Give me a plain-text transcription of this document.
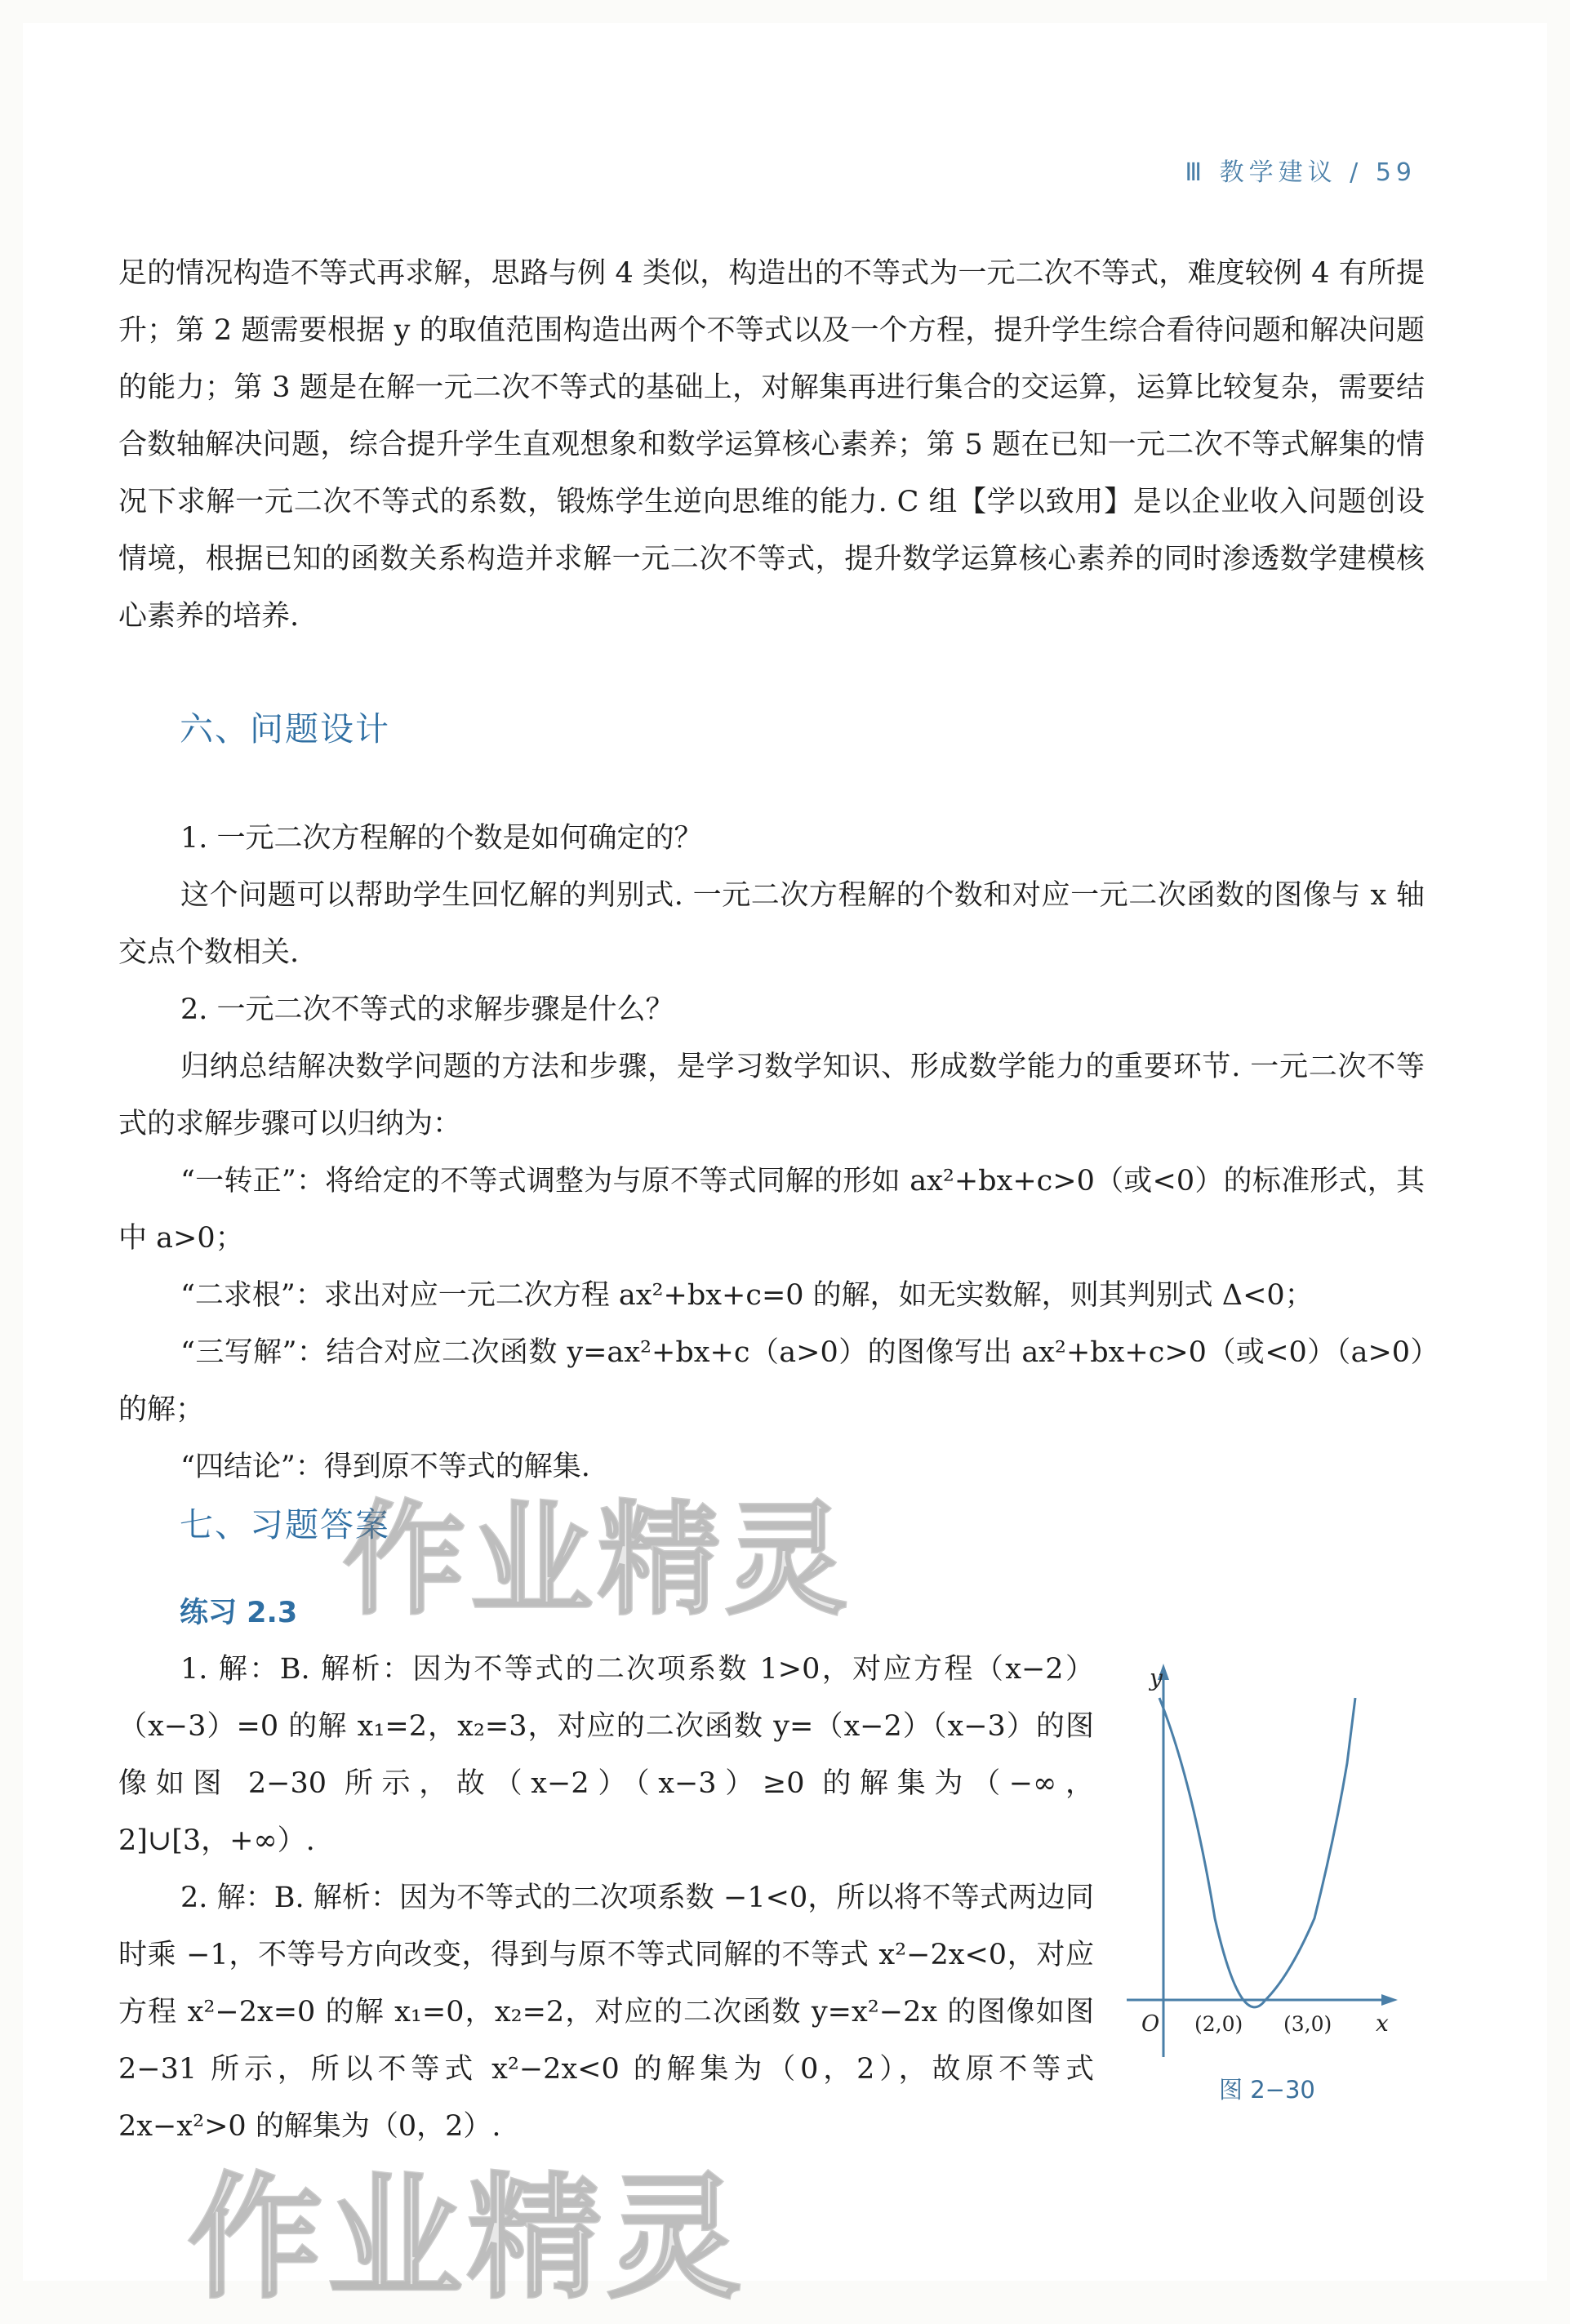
Ⅲ 教学建议 / 59

足的情况构造不等式再求解，思路与例 4 类似，构造出的不等式为一元二次不等式，难度较例 4 有所提升；第 2 题需要根据 y 的取值范围构造出两个不等式以及一个方程，提升学生综合看待问题和解决问题的能力；第 3 题是在解一元二次不等式的基础上，对解集再进行集合的交运算，运算比较复杂，需要结合数轴解决问题，综合提升学生直观想象和数学运算核心素养；第 5 题在已知一元二次不等式解集的情况下求解一元二次不等式的系数，锻炼学生逆向思维的能力. C 组【学以致用】是以企业收入问题创设情境，根据已知的函数关系构造并求解一元二次不等式，提升数学运算核心素养的同时渗透数学建模核心素养的培养.

六、问题设计

1. 一元二次方程解的个数是如何确定的？

这个问题可以帮助学生回忆解的判别式. 一元二次方程解的个数和对应一元二次函数的图像与 x 轴交点个数相关.

2. 一元二次不等式的求解步骤是什么？

归纳总结解决数学问题的方法和步骤，是学习数学知识、形成数学能力的重要环节. 一元二次不等式的求解步骤可以归纳为：

“一转正”：将给定的不等式调整为与原不等式同解的形如 ax²+bx+c>0（或<0）的标准形式，其中 a>0；

“二求根”：求出对应一元二次方程 ax²+bx+c=0 的解，如无实数解，则其判别式 Δ<0；

“三写解”：结合对应二次函数 y=ax²+bx+c（a>0）的图像写出 ax²+bx+c>0（或<0）（a>0）的解；

“四结论”：得到原不等式的解集.

七、习题答案
作业精灵
练习 2.3

1. 解：B. 解析：因为不等式的二次项系数 1>0，对应方程（x−2）（x−3）=0 的解 x₁=2，x₂=3，对应的二次函数 y=（x−2）（x−3）的图像如图 2−30 所示，故（x−2）（x−3）≥0 的解集为（−∞，2]∪[3，+∞）.

2. 解：B. 解析：因为不等式的二次项系数 −1<0，所以将不等式两边同时乘 −1，不等号方向改变，得到与原不等式同解的不等式 x²−2x<0，对应方程 x²−2x=0 的解 x₁=0，x₂=2，对应的二次函数 y=x²−2x 的图像如图 2−31 所示，所以不等式 x²−2x<0 的解集为（0，2），故原不等式 2x−x²>0 的解集为（0，2）.

y
O (2,0) (3,0) x
图 2−30
作业精灵
